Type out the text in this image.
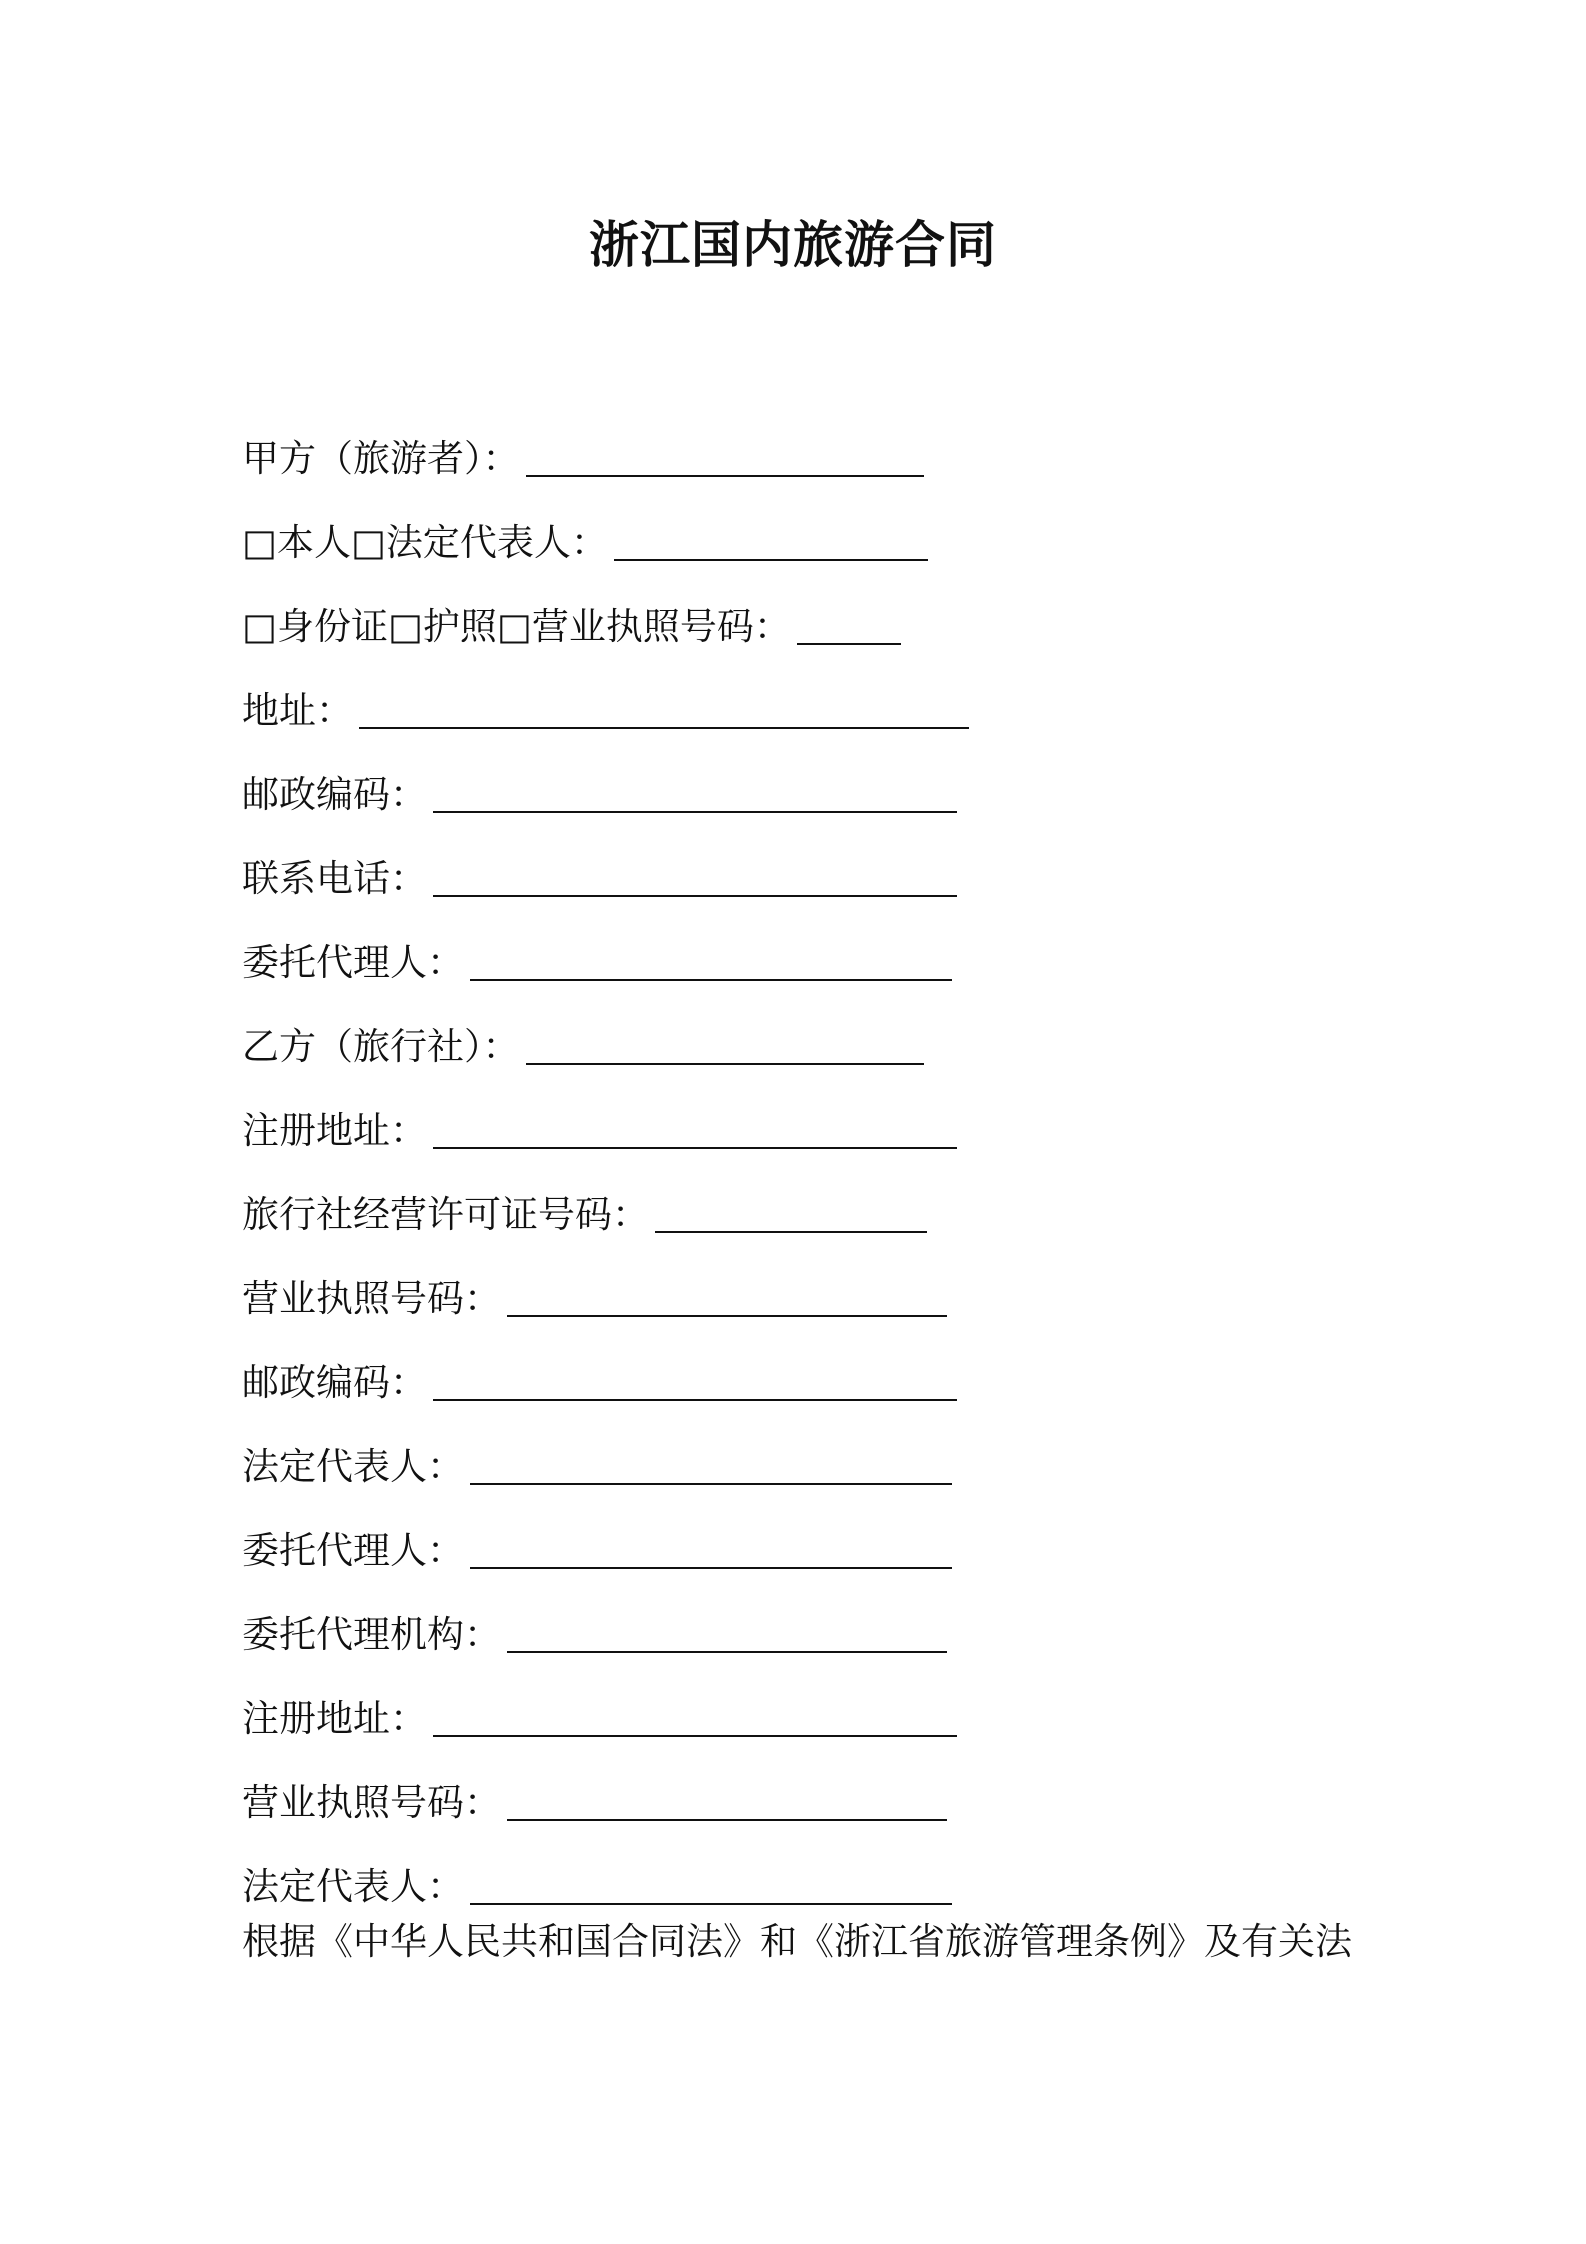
浙江国内旅游合同
甲方（旅游者）：
□本人□法定代表人：
□身份证□护照□营业执照号码：
地址：
邮政编码：
联系电话：
委托代理人：
乙方（旅行社）：
注册地址：
旅行社经营许可证号码：
营业执照号码：
邮政编码：
法定代表人：
委托代理人：
委托代理机构：
注册地址：
营业执照号码：
法定代表人：
根据《中华人民共和国合同法》和《浙江省旅游管理条例》及有关法
